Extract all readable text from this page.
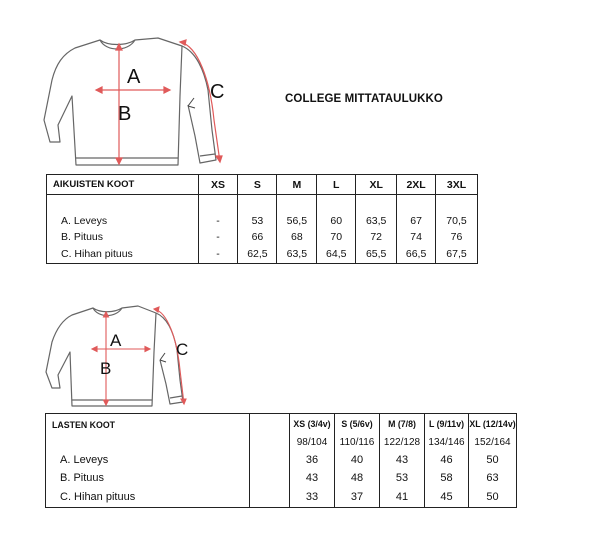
A
B
C	COLLEGE MITTATAULUKKO
AIKUISTEN KOOT	XS	S	M	L	XL	2XL	3XL

A. Leveys	-	53	56,5	60	63,5	67	70,5
B. Pituus	-	66	68	70	72	74	76
C. Hihan pituus	-	62,5	63,5	64,5	65,5	66,5	67,5
A
B
C
LASTEN KOOT		XS (3/4v)	S (5/6v)	M (7/8)	L (9/11v)	XL (12/14v)
		98/104	110/116	122/128	134/146	152/164
A. Leveys		36	40	43	46	50
B. Pituus		43	48	53	58	63
C. Hihan pituus		33	37	41	45	50
